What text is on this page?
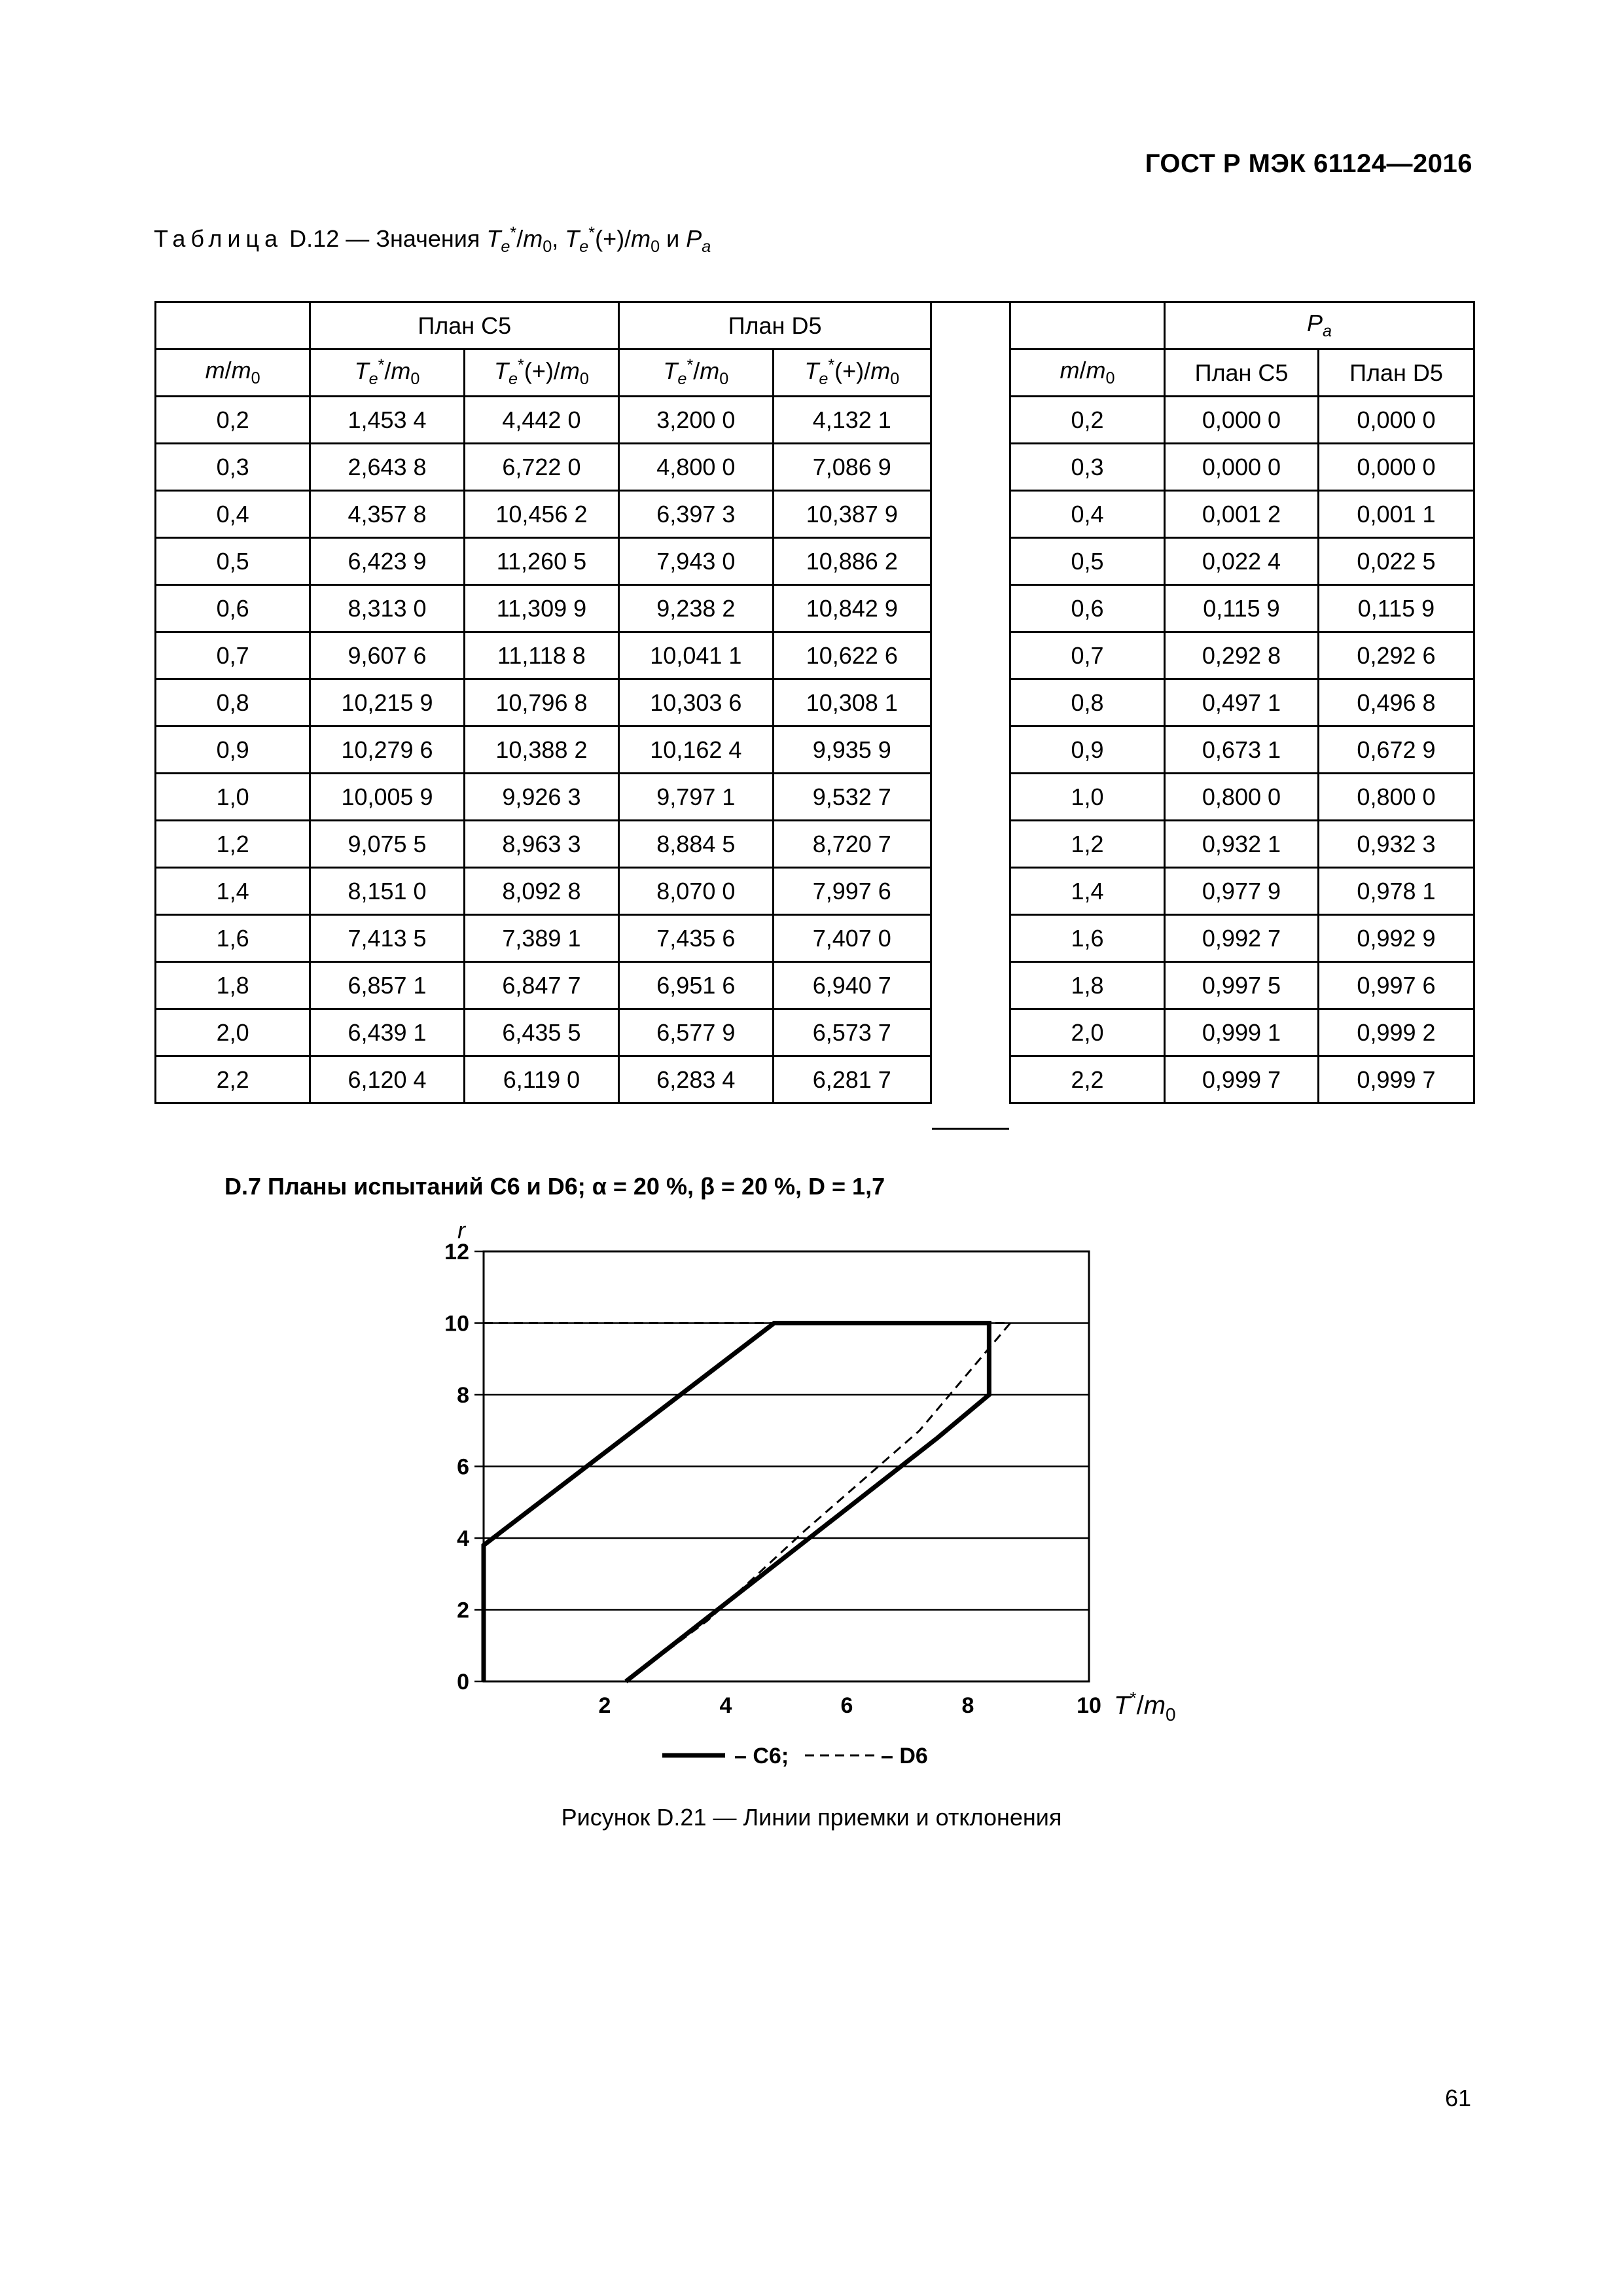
ГОСТ Р МЭК 61124—2016
Таблица D.12 — Значения $T_e^*/m_0$, $T_e^*(+)/m_0$ и $P_a$
	План C5		План D5	
$m/m_0$	$T_e^*/m_0$	$T_e^*(+)/m_0$	$T_e^*/m_0$	$T_e^*(+)/m_0$
0,2	1,453 4	4,442 0	3,200 0	4,132 1
0,3	2,643 8	6,722 0	4,800 0	7,086 9
0,4	4,357 8	10,456 2	6,397 3	10,387 9
0,5	6,423 9	11,260 5	7,943 0	10,886 2
0,6	8,313 0	11,309 9	9,238 2	10,842 9
0,7	9,607 6	11,118 8	10,041 1	10,622 6
0,8	10,215 9	10,796 8	10,303 6	10,308 1
0,9	10,279 6	10,388 2	10,162 4	9,935 9
1,0	10,005 9	9,926 3	9,797 1	9,532 7
1,2	9,075 5	8,963 3	8,884 5	8,720 7
1,4	8,151 0	8,092 8	8,070 0	7,997 6
1,6	7,413 5	7,389 1	7,435 6	7,407 0
1,8	6,857 1	6,847 7	6,951 6	6,940 7
2,0	6,439 1	6,435 5	6,577 9	6,573 7
2,2	6,120 4	6,119 0	6,283 4	6,281 7
	$P_a$
$m/m_0$	План C5	План D5
0,2	0,000 0	0,000 0
0,3	0,000 0	0,000 0
0,4	0,001 2	0,001 1
0,5	0,022 4	0,022 5
0,6	0,115 9	0,115 9
0,7	0,292 8	0,292 6
0,8	0,497 1	0,496 8
0,9	0,673 1	0,672 9
1,0	0,800 0	0,800 0
1,2	0,932 1	0,932 3
1,4	0,977 9	0,978 1
1,6	0,992 7	0,992 9
1,8	0,997 5	0,997 6
2,0	0,999 1	0,999 2
2,2	0,999 7	0,999 7
D.7 Планы испытаний C6 и D6; α = 20 %, β = 20 %, D = 1,7
0
2
4
6
8
10
12
2	4	6	8	10
r
$T^*/m_0$
– C6;	– D6
Рисунок D.21 — Линии приемки и отклонения
61
